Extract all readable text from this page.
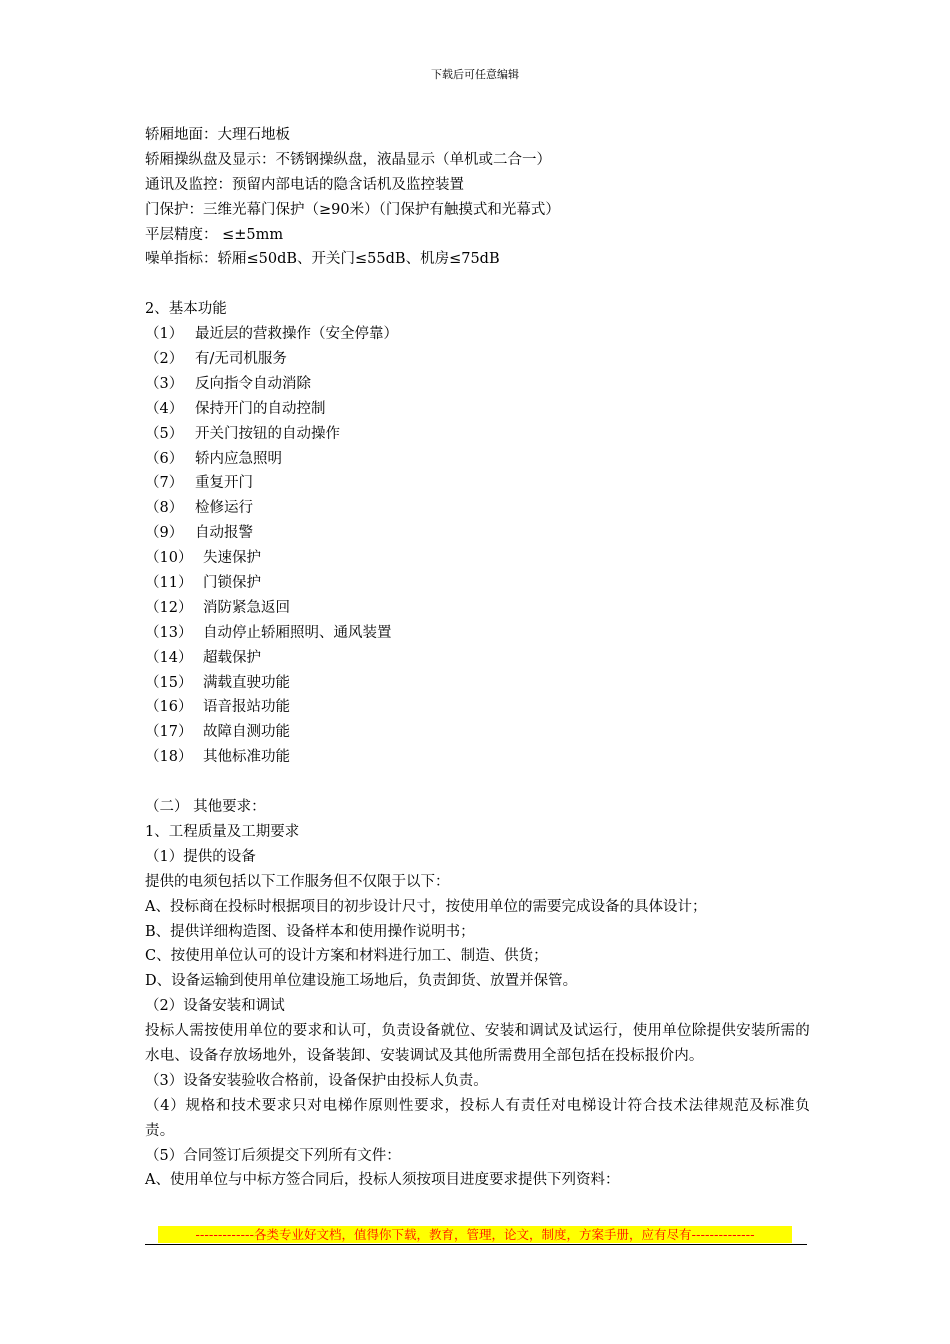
下载后可任意编辑
轿厢地面：大理石地板
轿厢操纵盘及显示：不锈钢操纵盘，液晶显示（单机或二合一）
通讯及监控：预留内部电话的隐含话机及监控装置
门保护：三维光幕门保护（≥90米）（门保护有触摸式和光幕式）
平层精度： ≤±5mm
噪单指标：轿厢≤50dB、开关门≤55dB、机房≤75dB
2、基本功能
（1） 最近层的营救操作（安全停靠）
（2） 有/无司机服务
（3） 反向指令自动消除
（4） 保持开门的自动控制
（5） 开关门按钮的自动操作
（6） 轿内应急照明
（7） 重复开门
（8） 检修运行
（9） 自动报警
（10） 失速保护
（11） 门锁保护
（12） 消防紧急返回
（13） 自动停止轿厢照明、通风装置
（14） 超载保护
（15） 满载直驶功能
（16） 语音报站功能
（17） 故障自测功能
（18） 其他标准功能
（二） 其他要求：
1、工程质量及工期要求
（1）提供的设备
提供的电须包括以下工作服务但不仅限于以下：
A、投标商在投标时根据项目的初步设计尺寸，按使用单位的需要完成设备的具体设计；
B、提供详细构造图、设备样本和使用操作说明书；
C、按使用单位认可的设计方案和材料进行加工、制造、供货；
D、设备运输到使用单位建设施工场地后，负责卸货、放置并保管。
（2）设备安装和调试
投标人需按使用单位的要求和认可，负责设备就位、安装和调试及试运行，使用单位除提供安装所需的水电、设备存放场地外，设备装卸、安装调试及其他所需费用全部包括在投标报价内。
（3）设备安装验收合格前，设备保护由投标人负责。
（4）规格和技术要求只对电梯作原则性要求，投标人有责任对电梯设计符合技术法律规范及标准负责。
（5）合同签订后须提交下列所有文件：
A、使用单位与中标方签合同后，投标人须按项目进度要求提供下列资料：
-------------各类专业好文档，值得你下载，教育，管理，论文，制度，方案手册，应有尽有--------------
